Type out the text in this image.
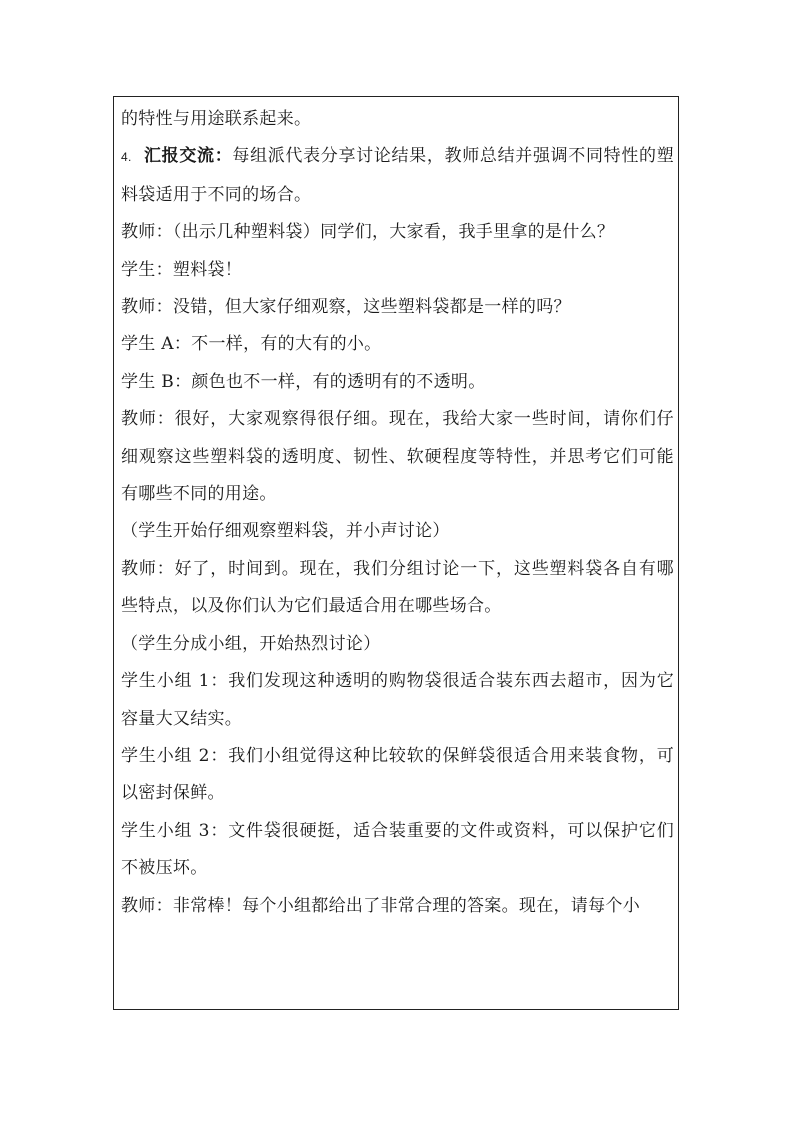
的特性与用途联系起来。

4. 汇报交流：每组派代表分享讨论结果，教师总结并强调不同特性的塑料袋适用于不同的场合。

教师：（出示几种塑料袋）同学们，大家看，我手里拿的是什么？

学生：塑料袋！

教师：没错，但大家仔细观察，这些塑料袋都是一样的吗？

学生 A：不一样，有的大有的小。

学生 B：颜色也不一样，有的透明有的不透明。

教师：很好，大家观察得很仔细。现在，我给大家一些时间，请你们仔细观察这些塑料袋的透明度、韧性、软硬程度等特性，并思考它们可能有哪些不同的用途。

（学生开始仔细观察塑料袋，并小声讨论）

教师：好了，时间到。现在，我们分组讨论一下，这些塑料袋各自有哪些特点，以及你们认为它们最适合用在哪些场合。

（学生分成小组，开始热烈讨论）

学生小组 1：我们发现这种透明的购物袋很适合装东西去超市，因为它容量大又结实。

学生小组 2：我们小组觉得这种比较软的保鲜袋很适合用来装食物，可以密封保鲜。

学生小组 3：文件袋很硬挺，适合装重要的文件或资料，可以保护它们不被压坏。

教师：非常棒！每个小组都给出了非常合理的答案。现在，请每个小
